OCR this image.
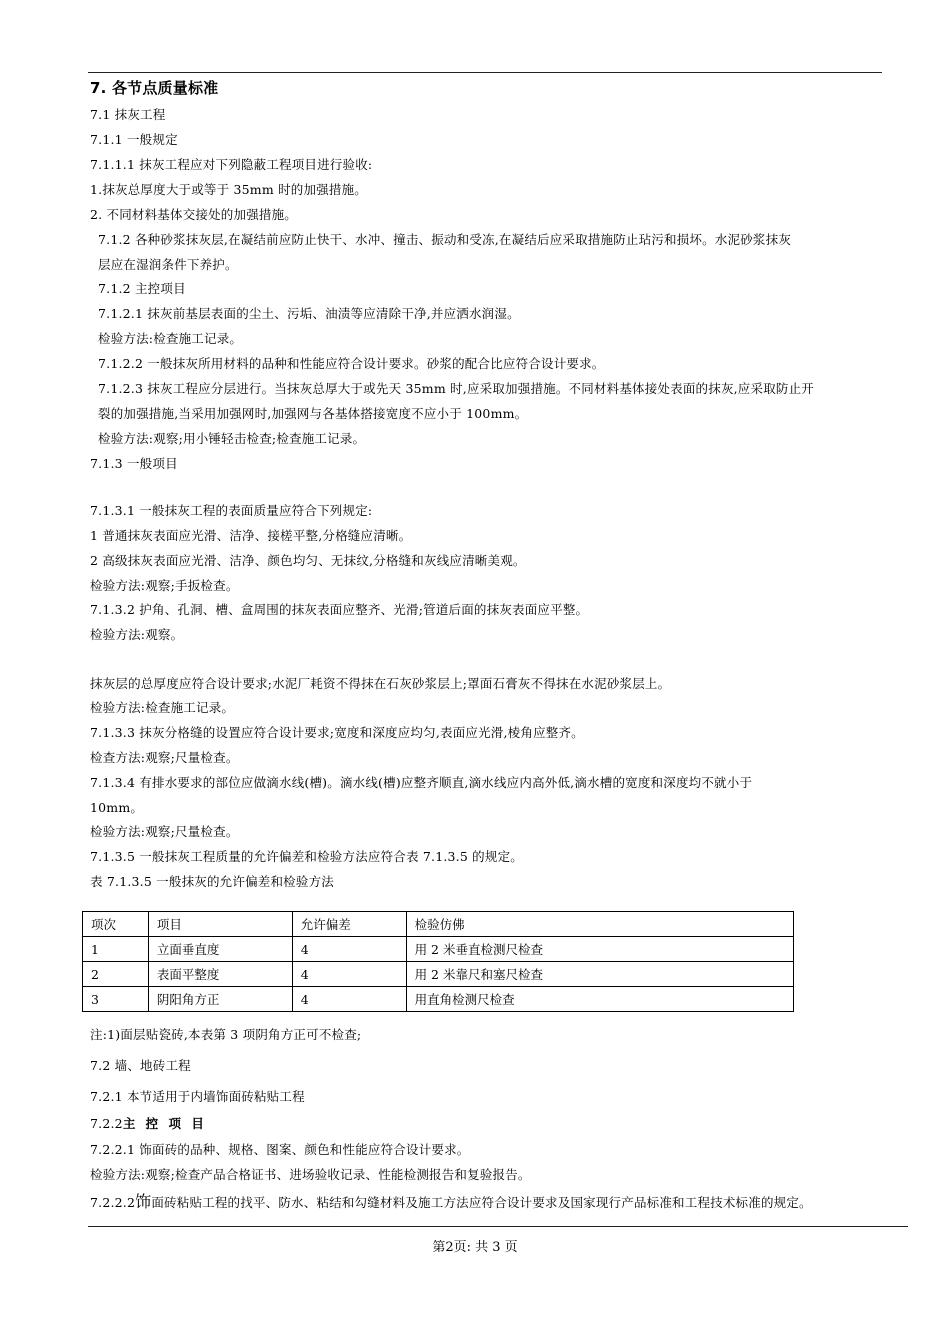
7. 各节点质量标准
7.1 抹灰工程
7.1.1 一般规定
7.1.1.1 抹灰工程应对下列隐蔽工程项目进行验收:
1.抹灰总厚度大于或等于 35mm 时的加强措施。
2. 不同材料基体交接处的加强措施。
7.1.2 各种砂浆抹灰层,在凝结前应防止快干、水冲、撞击、振动和受冻,在凝结后应采取措施防止玷污和损坏。水泥砂浆抹灰
层应在湿润条件下养护。
7.1.2 主控项目
7.1.2.1 抹灰前基层表面的尘土、污垢、油渍等应清除干净,并应洒水润湿。
检验方法:检查施工记录。
7.1.2.2 一般抹灰所用材料的品种和性能应符合设计要求。砂浆的配合比应符合设计要求。
7.1.2.3 抹灰工程应分层进行。当抹灰总厚大于或先天 35mm 时,应采取加强措施。不同材料基体接处表面的抹灰,应采取防止开
裂的加强措施,当采用加强网时,加强网与各基体搭接宽度不应小于 100mm。
检验方法:观察;用小锤轻击检查;检查施工记录。
7.1.3 一般项目
7.1.3.1 一般抹灰工程的表面质量应符合下列规定:
1 普通抹灰表面应光滑、洁净、接槎平整,分格缝应清晰。
2 高级抹灰表面应光滑、洁净、颜色均匀、无抹纹,分格缝和灰线应清晰美观。
检验方法:观察;手扳检查。
7.1.3.2 护角、孔洞、槽、盒周围的抹灰表面应整齐、光滑;管道后面的抹灰表面应平整。
检验方法:观察。
抹灰层的总厚度应符合设计要求;水泥厂耗资不得抹在石灰砂浆层上;罩面石膏灰不得抹在水泥砂浆层上。
检验方法:检查施工记录。
7.1.3.3 抹灰分格缝的设置应符合设计要求;宽度和深度应均匀,表面应光滑,棱角应整齐。
检查方法:观察;尺量检查。
7.1.3.4 有排水要求的部位应做滴水线(槽)。滴水线(槽)应整齐顺直,滴水线应内高外低,滴水槽的宽度和深度均不就小于
10mm。
检验方法:观察;尺量检查。
7.1.3.5 一般抹灰工程质量的允许偏差和检验方法应符合表 7.1.3.5 的规定。
表 7.1.3.5 一般抹灰的允许偏差和检验方法
项次	项目	允许偏差	检验仿佛
1	立面垂直度	4	用 2 米垂直检测尺检查
2	表面平整度	4	用 2 米靠尺和塞尺检查
3	阴阳角方正	4	用直角检测尺检查
注:1)面层贴瓷砖,本表第 3 项阴角方正可不检查;
7.2 墙、地砖工程
7.2.1 本节适用于内墙饰面砖粘贴工程
7.2.2主 控 项 目
7.2.2.1 饰面砖的品种、规格、图案、颜色和性能应符合设计要求。
检验方法:观察;检查产品合格证书、进场验收记录、性能检测报告和复验报告。
7.2.2.2饰面砖粘贴工程的找平、防水、粘结和勾缝材料及施工方法应符合设计要求及国家现行产品标准和工程技术标准的规定。
第2页: 共 3 页
